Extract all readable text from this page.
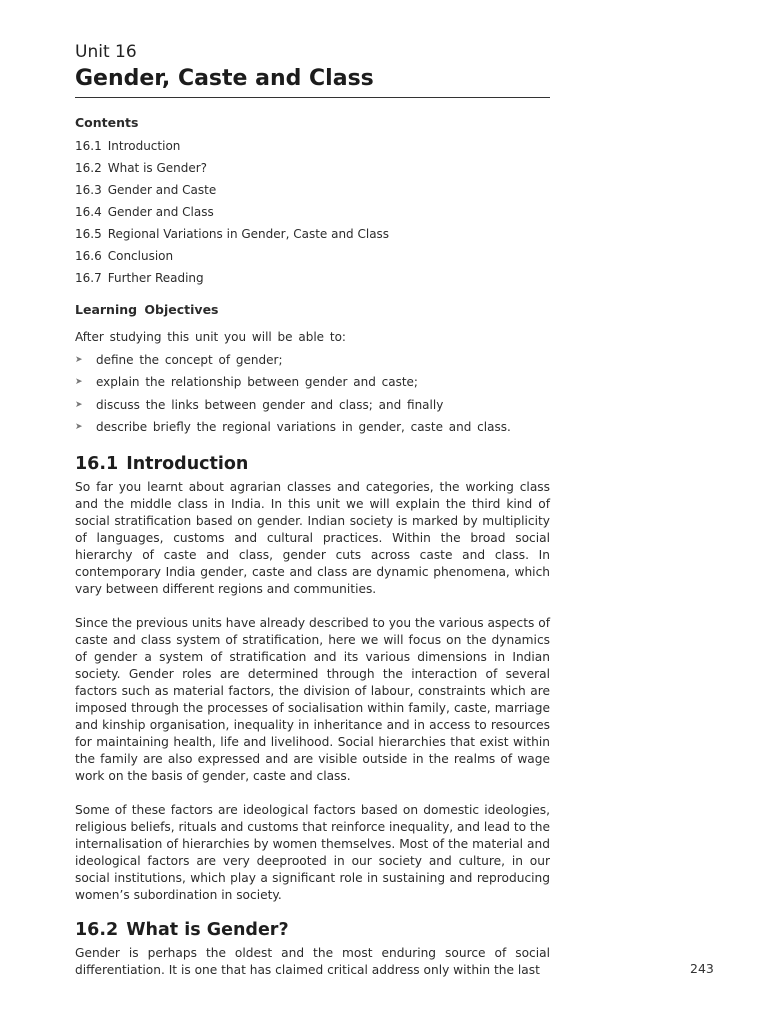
Unit 16
Gender, Caste and Class
Contents
16.1 Introduction
16.2 What is Gender?
16.3 Gender and Caste
16.4 Gender and Class
16.5 Regional Variations in Gender, Caste and Class
16.6 Conclusion
16.7 Further Reading
Learning Objectives

After studying this unit you will be able to:

➤ define the concept of gender;
➤ explain the relationship between gender and caste;
➤ discuss the links between gender and class; and finally
➤ describe briefly the regional variations in gender, caste and class.
16.1 Introduction

So far you learnt about agrarian classes and categories, the working class and the middle class in India. In this unit we will explain the third kind of social stratification based on gender. Indian society is marked by multiplicity of languages, customs and cultural practices. Within the broad social hierarchy of caste and class, gender cuts across caste and class. In contemporary India gender, caste and class are dynamic phenomena, which vary between different regions and communities.

Since the previous units have already described to you the various aspects of caste and class system of stratification, here we will focus on the dynamics of gender a system of stratification and its various dimensions in Indian society. Gender roles are determined through the interaction of several factors such as material factors, the division of labour, constraints which are imposed through the processes of socialisation within family, caste, marriage and kinship organisation, inequality in inheritance and in access to resources for maintaining health, life and livelihood. Social hierarchies that exist within the family are also expressed and are visible outside in the realms of wage work on the basis of gender, caste and class.

Some of these factors are ideological factors based on domestic ideologies, religious beliefs, rituals and customs that reinforce inequality, and lead to the internalisation of hierarchies by women themselves. Most of the material and ideological factors are very deeprooted in our society and culture, in our social institutions, which play a significant role in sustaining and reproducing women’s subordination in society.

16.2 What is Gender?

Gender is perhaps the oldest and the most enduring source of social differentiation. It is one that has claimed critical address only within the last	243
